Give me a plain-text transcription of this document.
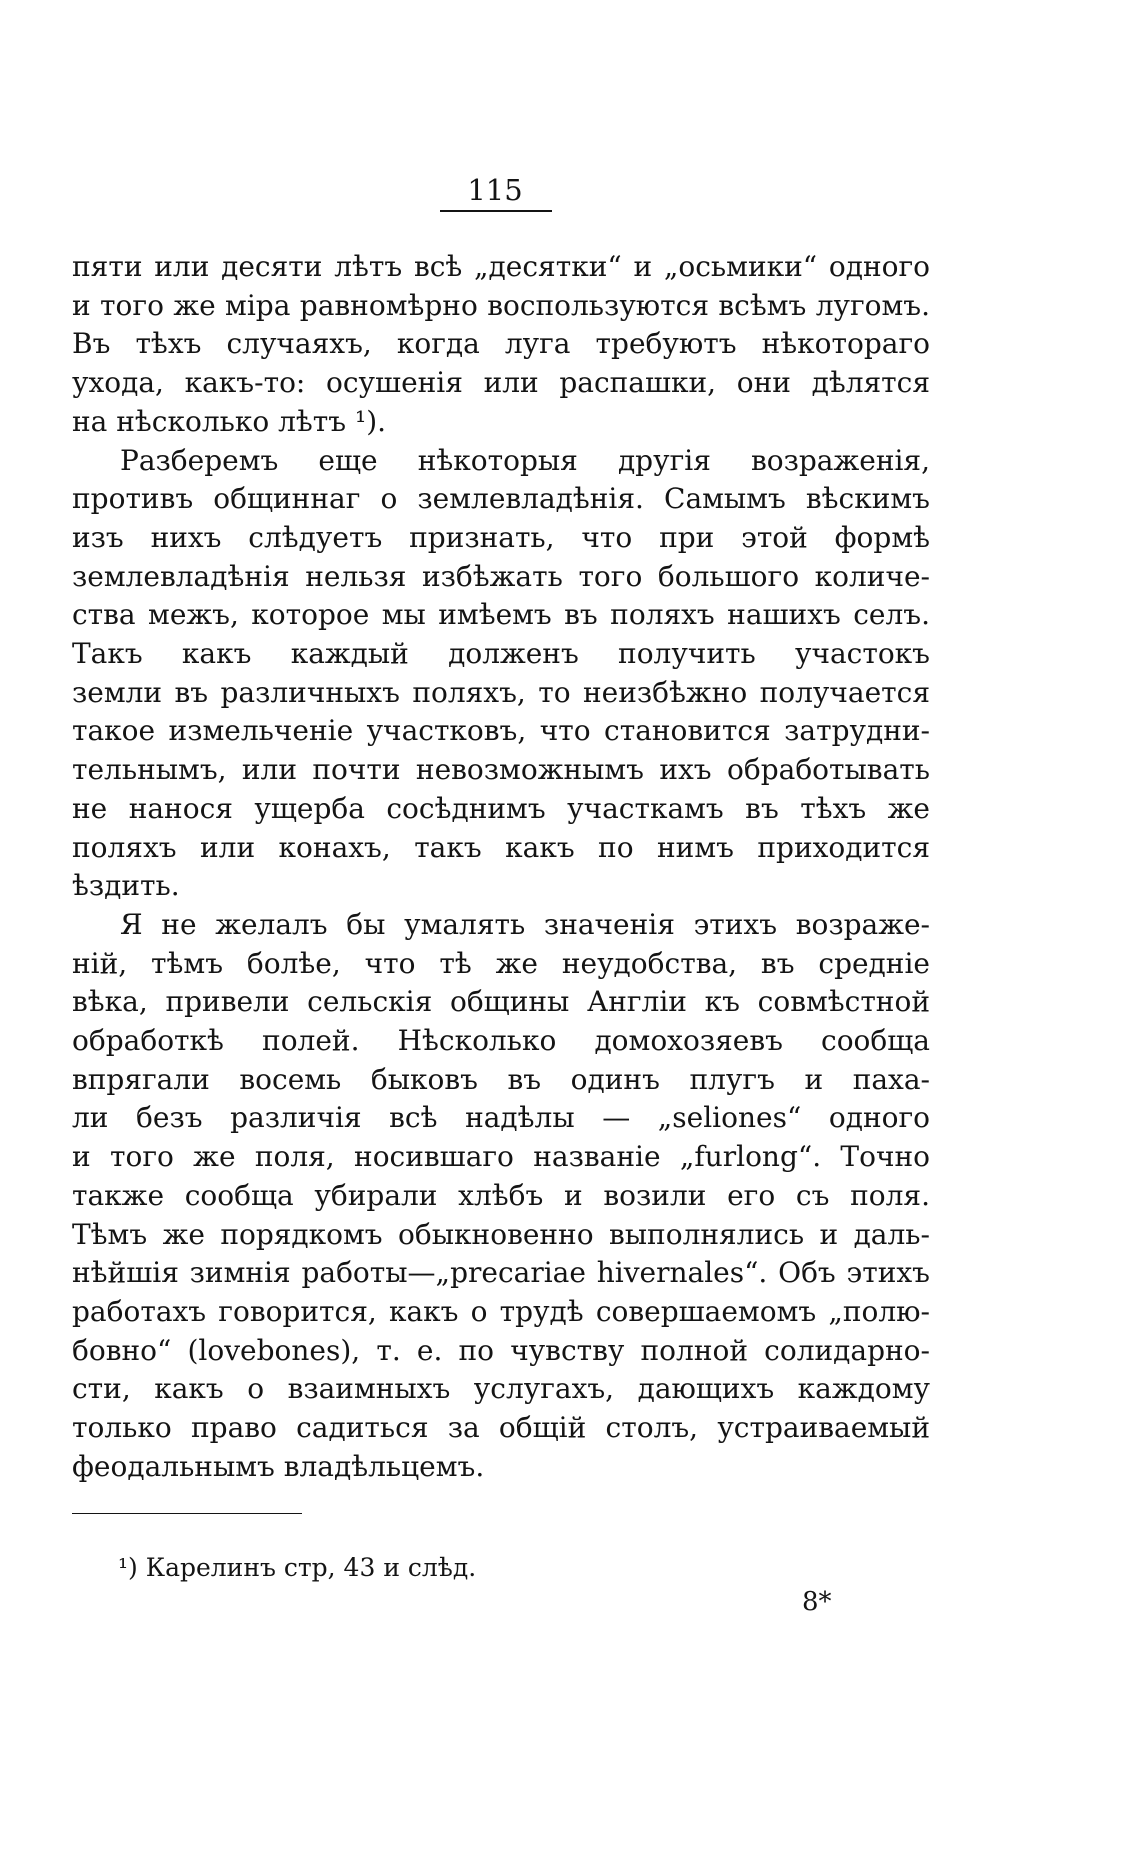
115

пяти или десяти лѣтъ всѣ „десятки“ и „осьмики“ одного
и того же міра равномѣрно воспользуются всѣмъ лугомъ.
Въ тѣхъ случаяхъ, когда луга требуютъ нѣкотораго
ухода, какъ-то: осушенія или распашки, они дѣлятся
на нѣсколько лѣтъ ¹).

Разберемъ еще нѣкоторыя другія возраженія,
противъ общиннаг о землевладѣнія. Самымъ вѣскимъ
изъ нихъ слѣдуетъ признать, что при этой формѣ
землевладѣнія нельзя избѣжать того большого количе-
ства межъ, которое мы имѣемъ въ поляхъ нашихъ селъ.
Такъ какъ каждый долженъ получить участокъ
земли въ различныхъ поляхъ, то неизбѣжно получается
такое измельченіе участковъ, что становится затрудни-
тельнымъ, или почти невозможнымъ ихъ обработывать
не нанося ущерба сосѣднимъ участкамъ въ тѣхъ же
поляхъ или конахъ, такъ какъ по нимъ приходится
ѣздить.

Я не желалъ бы умалять значенія этихъ возраже-
ній, тѣмъ болѣе, что тѣ же неудобства, въ средніе
вѣка, привели сельскія общины Англіи къ совмѣстной
обработкѣ полей. Нѣсколько домохозяевъ сообща
впрягали восемь быковъ въ одинъ плугъ и паха-
ли безъ различія всѣ надѣлы — „seliones“ одного
и того же поля, носившаго названіе „furlong“. Точно
также сообща убирали хлѣбъ и возили его съ поля.
Тѣмъ же порядкомъ обыкновенно выполнялись и даль-
нѣйшія зимнія работы—„precariae hivernales“. Объ этихъ
работахъ говорится, какъ о трудѣ совершаемомъ „полю-
бовно“ (lovebones), т. е. по чувству полной солидарно-
сти, какъ о взаимныхъ услугахъ, дающихъ каждому
только право садиться за общій столъ, устраиваемый
феодальнымъ владѣльцемъ.

¹) Карелинъ стр, 43 и слѣд.
8*
